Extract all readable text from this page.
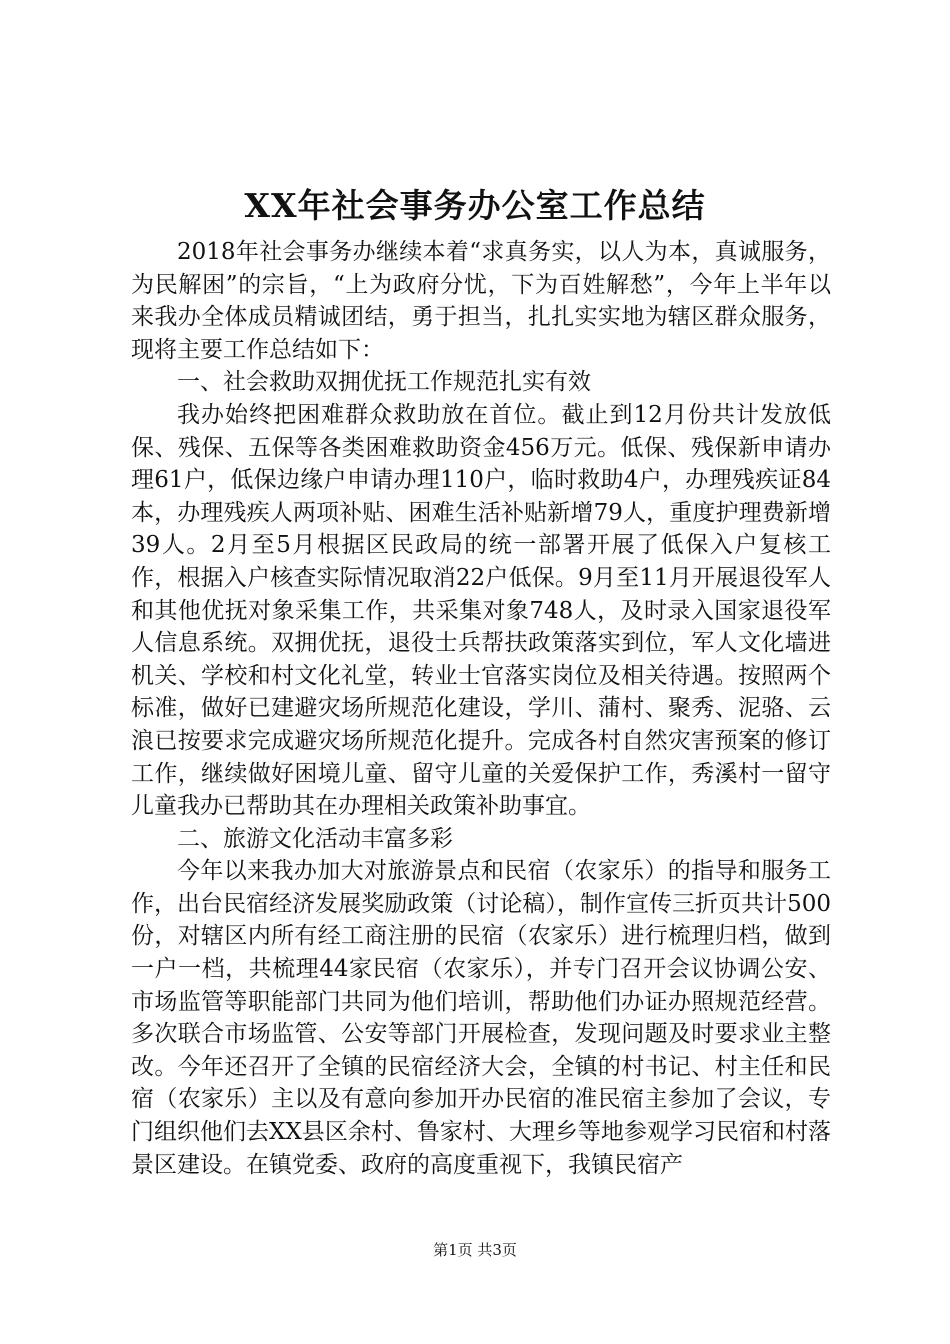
XX年社会事务办公室工作总结

2018年社会事务办继续本着“求真务实，以人为本，真诚服务，为民解困”的宗旨，“上为政府分忧，下为百姓解愁”，今年上半年以来我办全体成员精诚团结，勇于担当，扎扎实实地为辖区群众服务，现将主要工作总结如下：

一、社会救助双拥优抚工作规范扎实有效

我办始终把困难群众救助放在首位。截止到12月份共计发放低保、残保、五保等各类困难救助资金456万元。低保、残保新申请办理61户，低保边缘户申请办理110户，临时救助4户，办理残疾证84本，办理残疾人两项补贴、困难生活补贴新增79人，重度护理费新增39人。2月至5月根据区民政局的统一部署开展了低保入户复核工作，根据入户核查实际情况取消22户低保。9月至11月开展退役军人和其他优抚对象采集工作，共采集对象748人，及时录入国家退役军人信息系统。双拥优抚，退役士兵帮扶政策落实到位，军人文化墙进机关、学校和村文化礼堂，转业士官落实岗位及相关待遇。按照两个标准，做好已建避灾场所规范化建设，学川、蒲村、聚秀、泥骆、云浪已按要求完成避灾场所规范化提升。完成各村自然灾害预案的修订工作，继续做好困境儿童、留守儿童的关爱保护工作，秀溪村一留守儿童我办已帮助其在办理相关政策补助事宜。

二、旅游文化活动丰富多彩

今年以来我办加大对旅游景点和民宿（农家乐）的指导和服务工作，出台民宿经济发展奖励政策（讨论稿），制作宣传三折页共计500份，对辖区内所有经工商注册的民宿（农家乐）进行梳理归档，做到一户一档，共梳理44家民宿（农家乐），并专门召开会议协调公安、市场监管等职能部门共同为他们培训，帮助他们办证办照规范经营。多次联合市场监管、公安等部门开展检查，发现问题及时要求业主整改。今年还召开了全镇的民宿经济大会，全镇的村书记、村主任和民宿（农家乐）主以及有意向参加开办民宿的准民宿主参加了会议，专门组织他们去XX县区余村、鲁家村、大理乡等地参观学习民宿和村落景区建设。在镇党委、政府的高度重视下，我镇民宿产

第1页 共3页
